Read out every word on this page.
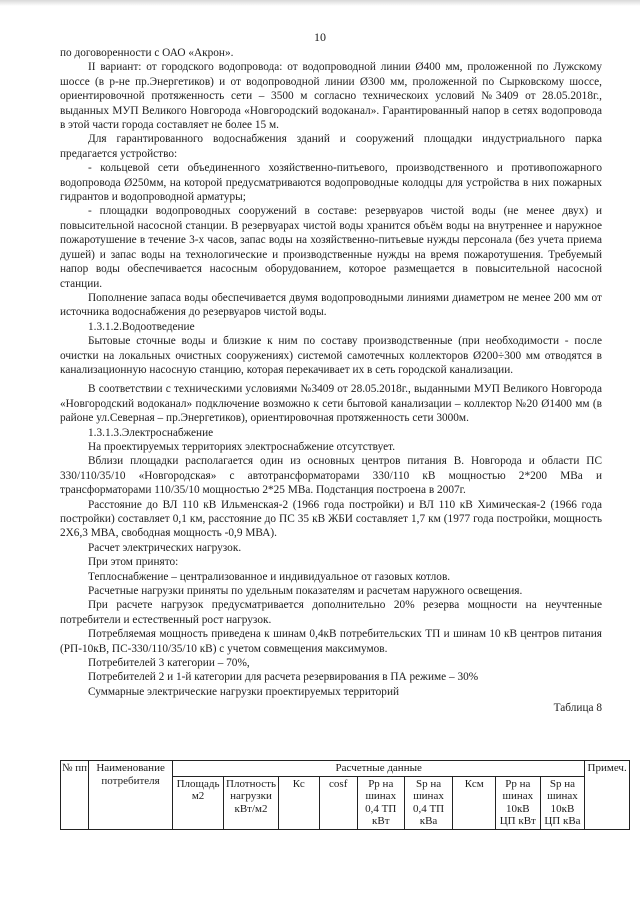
10

по договоренности с ОАО «Акрон».

II вариант: от городского водопровода: от водопроводной линии Ø400 мм, проложенной по Лужскому шоссе (в р-не пр.Энергетиков) и от водопроводной линии Ø300 мм, проложенной по Сырковскому шоссе, ориентировочной протяженность сети – 3500 м согласно техническоих условий №3409 от 28.05.2018г., выданных МУП Великого Новгорода «Новгородский водоканал». Гарантированный напор в сетях водопровода в этой части города составляет не более 15 м.

Для гарантированного водоснабжения зданий и сооружений площадки индустриального парка предагается устройство:

- кольцевой сети объединенного хозяйственно-питьевого, производственного и противопожарного водопровода Ø250мм, на которой предусматриваются водопроводные колодцы для устройства в них пожарных гидрантов и водопроводной арматуры;

- площадки водопроводных сооружений в составе: резервуаров чистой воды (не менее двух) и повысительной насосной станции. В резервуарах чистой воды хранится объём воды на внутреннее и наружное пожаротушение в течение 3-х часов, запас воды на хозяйственно-питьевые нужды персонала (без учета приема душей) и запас воды на технологические и производственные нужды на время пожаротушения. Требуемый напор воды обеспечивается насосным оборудованием, которое размещается в повысительной насосной станции.

Пополнение запаса воды обеспечивается двумя водопроводными линиями диаметром не менее 200 мм от источника водоснабжения до резервуаров чистой воды.

1.3.1.2.Водоотведение

Бытовые сточные воды и близкие к ним по составу производственные (при необходимости - после очистки на локальных очистных сооружениях) системой самотечных коллекторов Ø200÷300 мм отводятся в канализационную насосную станцию, которая перекачивает их в сеть городской канализации.

В соответствии с техническими условиями №3409 от 28.05.2018г., выданными МУП Великого Новгорода «Новгородский водоканал» подключение возможно к сети бытовой канализации – коллектор №20 Ø1400 мм (в районе ул.Северная – пр.Энергетиков), ориентировочная протяженность сети 3000м.

1.3.1.3.Электроснабжение

На проектируемых территориях электроснабжение отсутствует.

Вблизи площадки располагается один из основных центров питания В. Новгорода и области ПС 330/110/35/10 «Новгородская» с автотрансформаторами 330/110 кВ мощностью 2*200 МВа и трансформаторами 110/35/10 мощностью 2*25 МВа. Подстанция построена в 2007г.

Расстояние до ВЛ 110 кВ Ильменская-2 (1966 года постройки) и ВЛ 110 кВ Химическая-2 (1966 года постройки) составляет 0,1 км, расстояние до ПС 35 кВ ЖБИ составляет 1,7 км (1977 года постройки, мощность 2Х6,3 МВА, свободная мощность -0,9 МВА).

Расчет электрических нагрузок.

При этом принято:

Теплоснабжение – централизованное и индивидуальное от газовых котлов.

Расчетные нагрузки приняты по удельным показателям и расчетам наружного освещения.

При расчете нагрузок предусматривается дополнительно 20% резерва мощности на неучтенные потребители и естественный рост нагрузок.

Потребляемая мощность приведена к шинам 0,4кВ потребительских ТП и шинам 10 кВ центров питания (РП-10кВ, ПС-330/110/35/10 кВ) с учетом совмещения максимумов.

Потребителей 3 категории – 70%,

Потребителей 2 и 1-й категории для расчета резервирования в ПА режиме – 30%

Суммарные электрические нагрузки проектируемых территорий

Таблица 8

№ пп	Наименование потребителя	Расчетные данные									Примеч.
		Площадь м2	Плотность нагрузки кВт/м2	Кс	cosf	Рр на шинах 0,4 ТП кВт	Sp на шинах 0,4 ТП кВа	Ксм	Рр на шинах 10кВ ЦП кВт	Sp на шинах 10кВ ЦП кВа	
